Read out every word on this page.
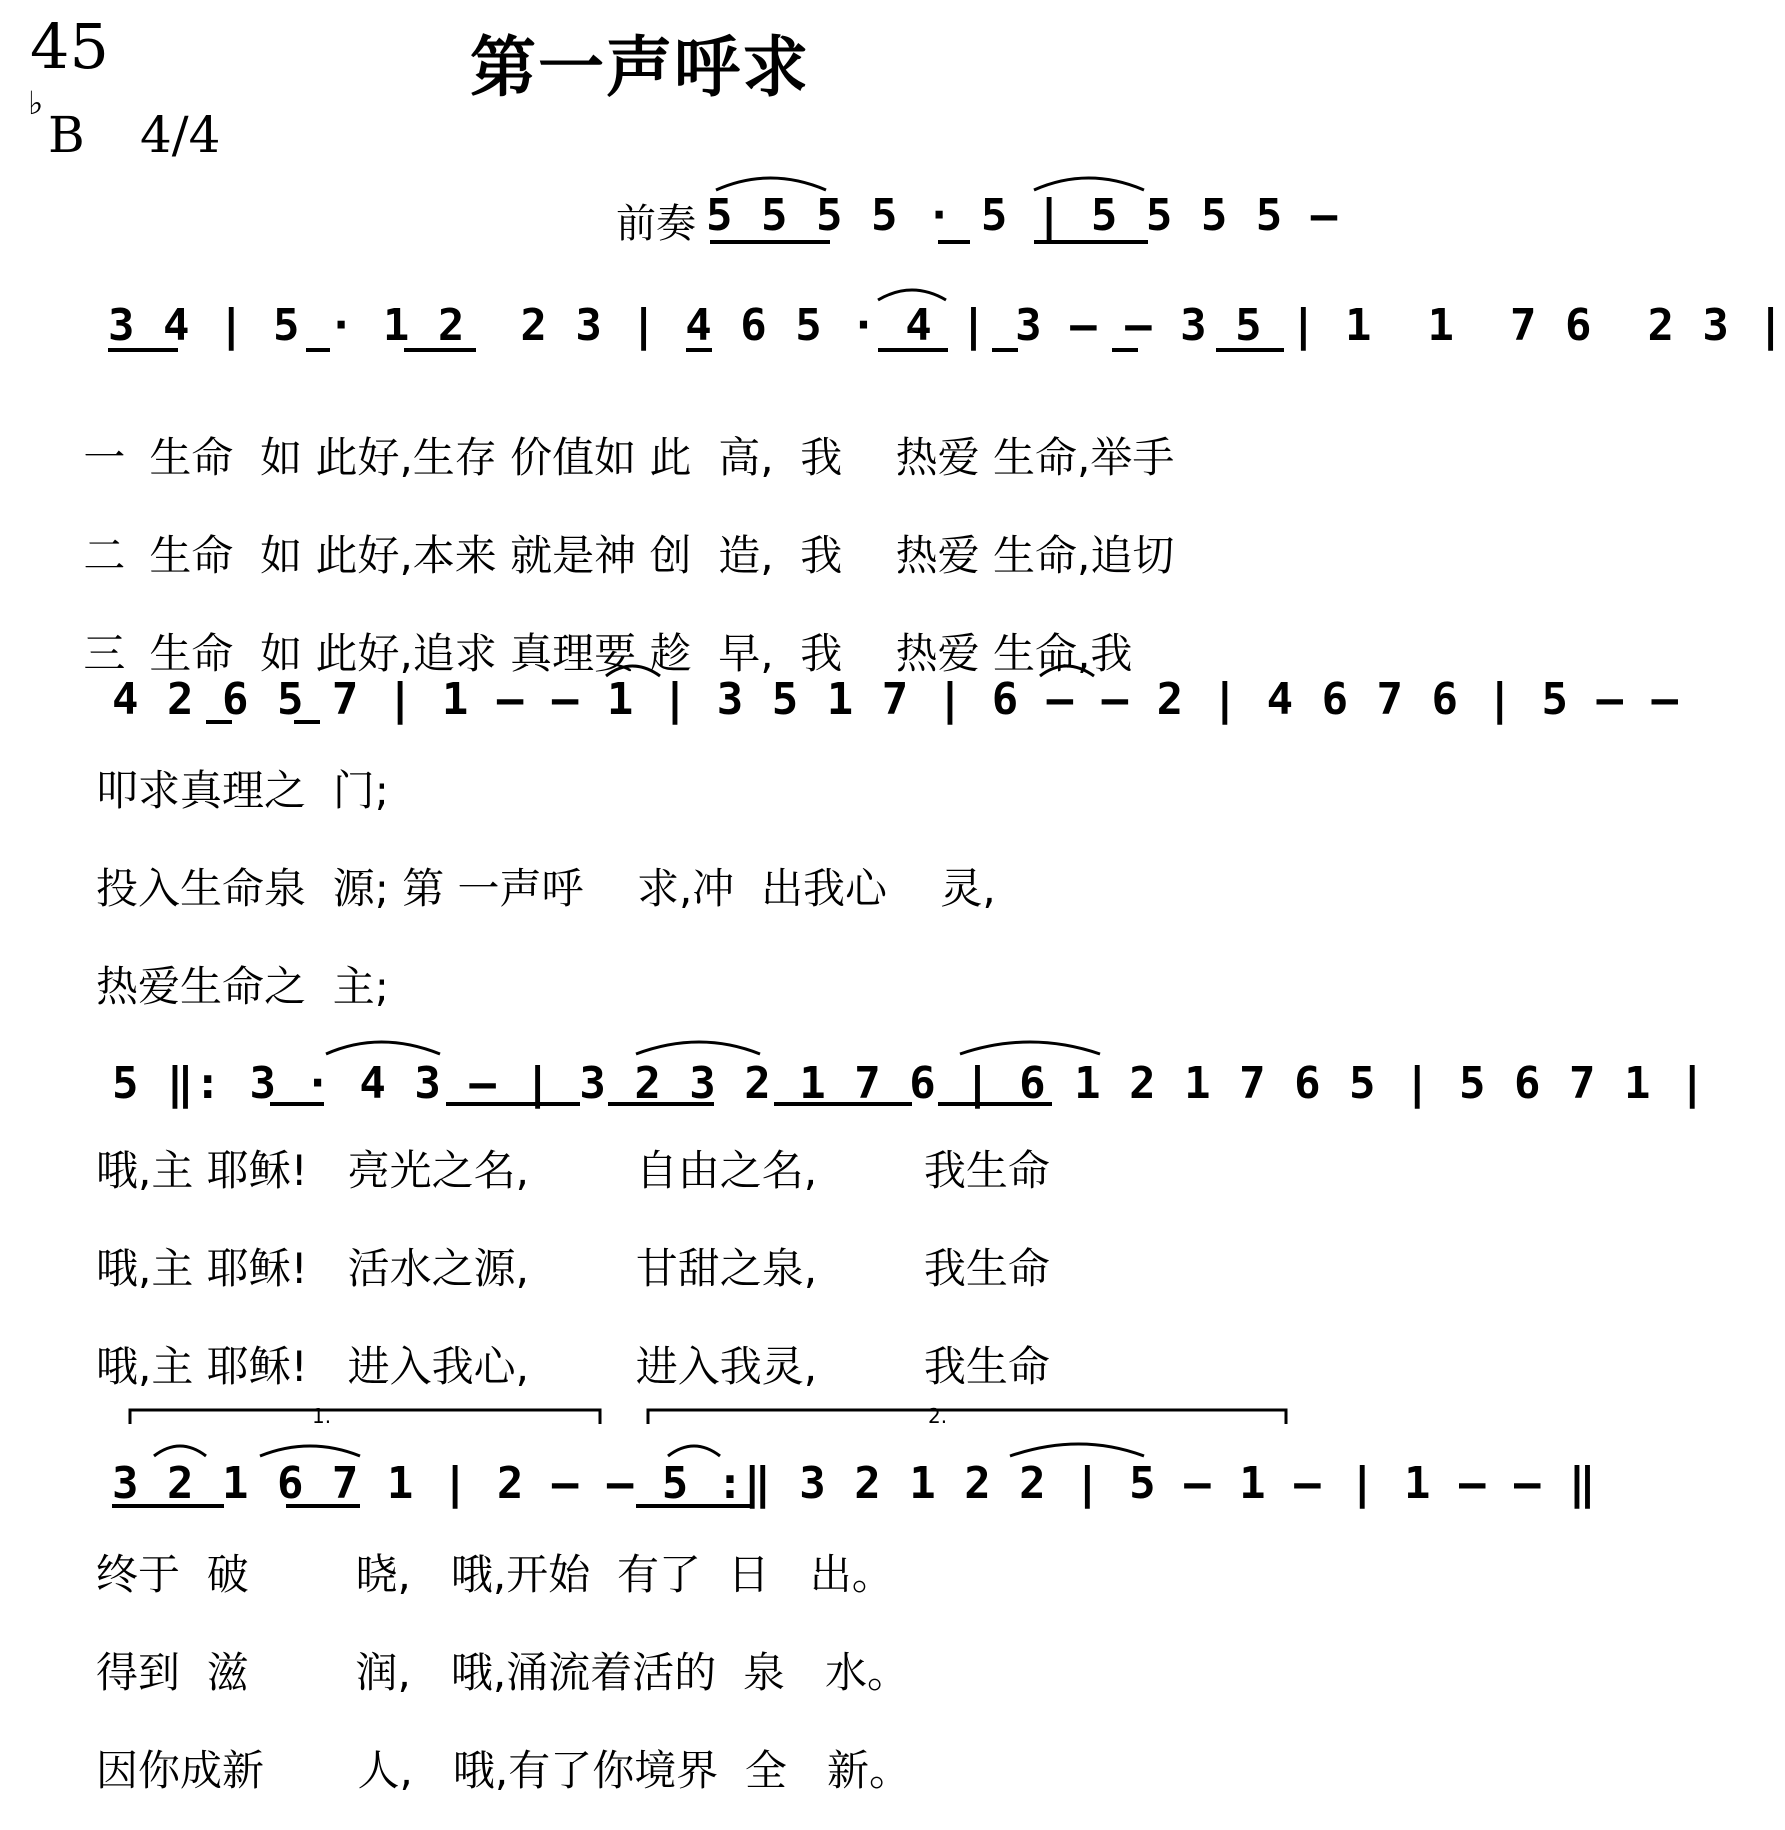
45	第一声呼求
♭
B 4/4
前奏 5 5 5 5 · 5 | 5 5 5 5 –
3 4 | 5 · 1 2  2 3 | 4 6 5 · 4 | 3 – – 3 5 | 1  1  7 6  2 3 |

一 生命  如 此好,生存 价值如 此  高,  我    热爱 生命,举手

二 生命  如 此好,本来 就是神 创  造,  我    热爱 生命,追切

三 生命  如 此好,追求 真理要 趁  早,  我    热爱 生命,我

4 2 6 5 7 | 1 – – 1 | 3 5 1 7 | 6 – – 2 | 4 6 7 6 | 5 – –
叩求真理之  门;
投入生命泉  源; 第 一声呼    求,冲  出我心    灵,
热爱生命之  主;
5 ‖: 3 · 4 3 – | 3 2 3 2 1 7 6 | 6 1 2 1 7 6 5 | 5 6 7 1 |
哦,主 耶稣!   亮光之名,        自由之名,        我生命
哦,主 耶稣!   活水之源,        甘甜之泉,        我生命
哦,主 耶稣!   进入我心,        进入我灵,        我生命
1.	2.
3 2 1 6 7 1 | 2 – – 5 :‖ 3 2 1 2 2 | 5 – 1 – | 1 – – ‖
终于  破        晓,   哦,开始  有了  日   出。
得到  滋        润,   哦,涌流着活的  泉   水。
因你成新       人,   哦,有了你境界  全   新。
